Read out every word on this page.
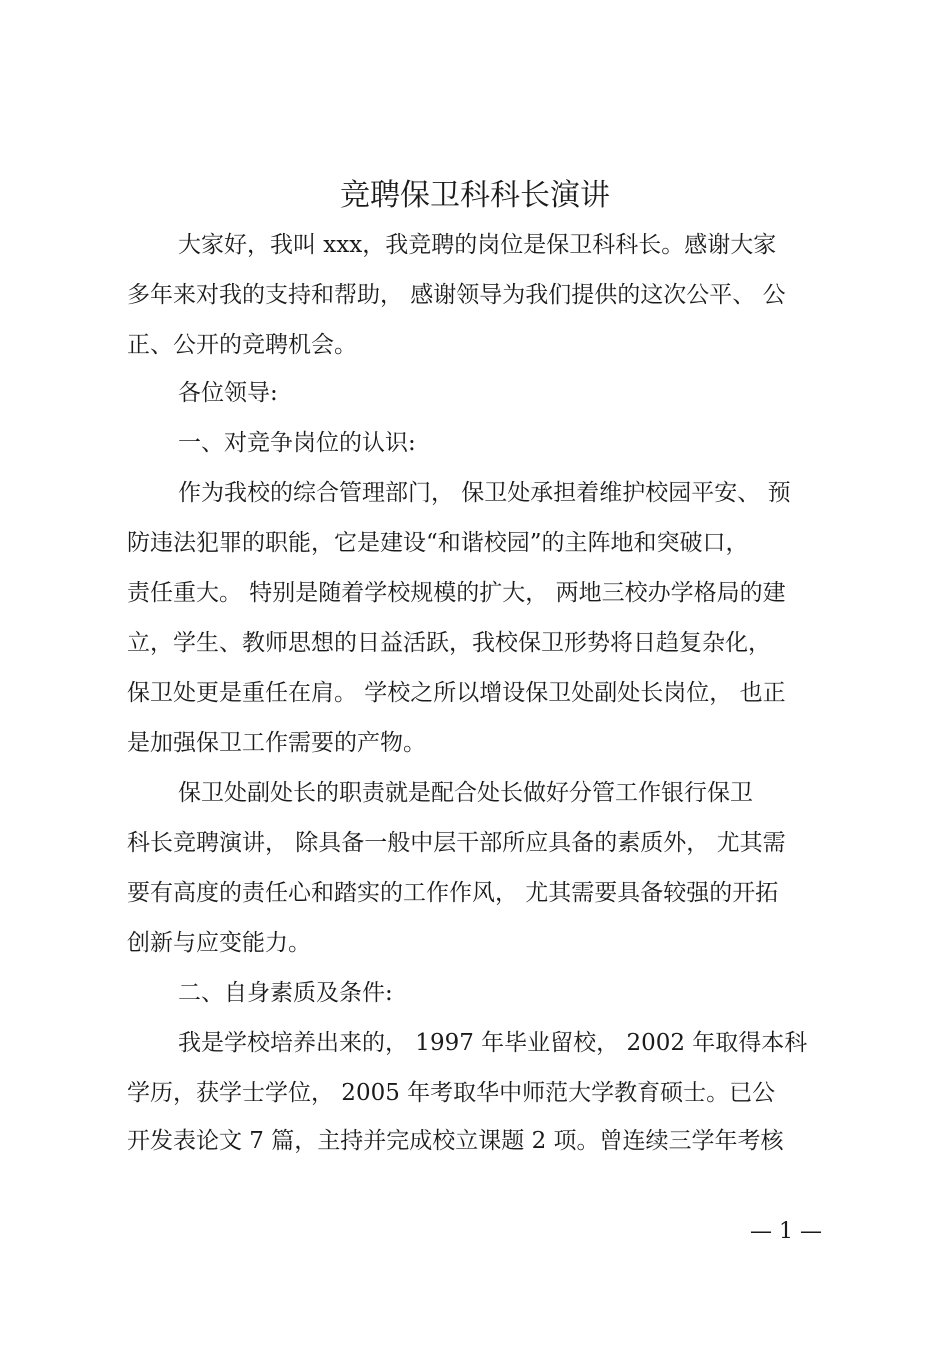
竞聘保卫科科长演讲
大家好，我叫 xxx，我竞聘的岗位是保卫科科长。感谢大家
多年来对我的支持和帮助， 感谢领导为我们提供的这次公平、 公
正、公开的竞聘机会。
各位领导:
一、对竞争岗位的认识:
作为我校的综合管理部门， 保卫处承担着维护校园平安、 预
防违法犯罪的职能，它是建设“和谐校园”的主阵地和突破口，
责任重大。 特别是随着学校规模的扩大， 两地三校办学格局的建
立，学生、教师思想的日益活跃，我校保卫形势将日趋复杂化，
保卫处更是重任在肩。 学校之所以增设保卫处副处长岗位， 也正
是加强保卫工作需要的产物。
保卫处副处长的职责就是配合处长做好分管工作银行保卫
科长竞聘演讲， 除具备一般中层干部所应具备的素质外， 尤其需
要有高度的责任心和踏实的工作作风， 尤其需要具备较强的开拓
创新与应变能力。
二、自身素质及条件:
我是学校培养出来的， 1997 年毕业留校， 2002 年取得本科
学历，获学士学位， 2005 年考取华中师范大学教育硕士。已公
开发表论文 7 篇，主持并完成校立课题 2 项。曾连续三学年考核
— 1 —
